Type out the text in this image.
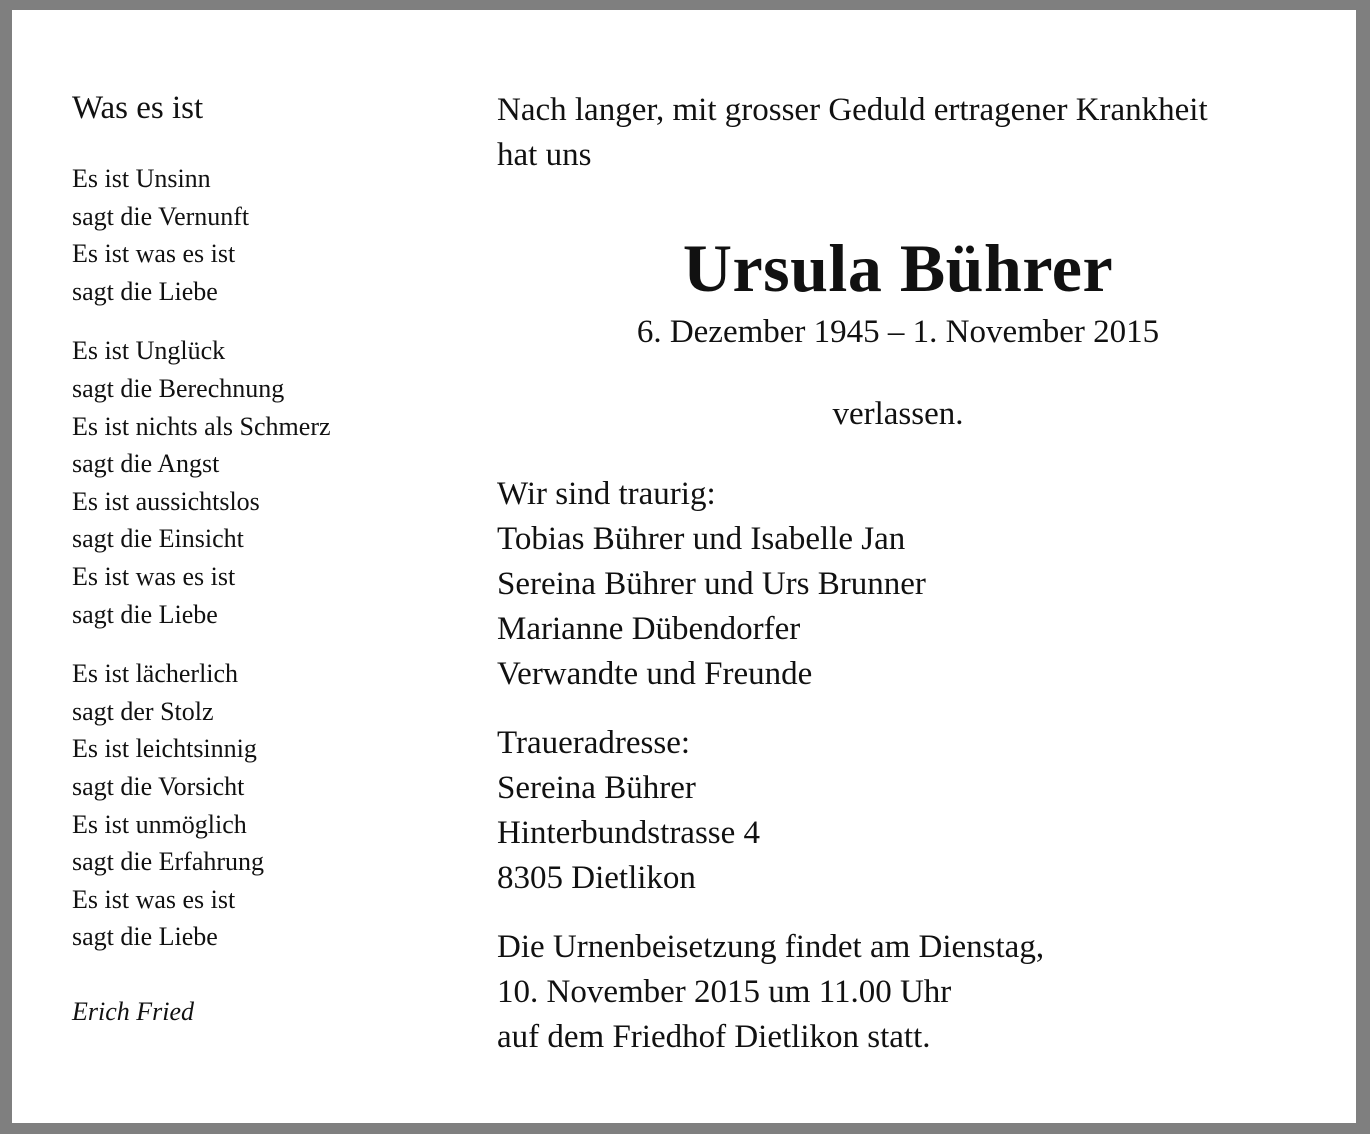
Was es ist
Es ist Unsinn
sagt die Vernunft
Es ist was es ist
sagt die Liebe
Es ist Unglück
sagt die Berechnung
Es ist nichts als Schmerz
sagt die Angst
Es ist aussichtslos
sagt die Einsicht
Es ist was es ist
sagt die Liebe
Es ist lächerlich
sagt der Stolz
Es ist leichtsinnig
sagt die Vorsicht
Es ist unmöglich
sagt die Erfahrung
Es ist was es ist
sagt die Liebe
Erich Fried
Nach langer, mit grosser Geduld ertragener Krankheit
hat uns
Ursula Bührer
6. Dezember 1945 – 1. November 2015
verlassen.
Wir sind traurig:
Tobias Bührer und Isabelle Jan
Sereina Bührer und Urs Brunner
Marianne Dübendorfer
Verwandte und Freunde
Traueradresse:
Sereina Bührer
Hinterbundstrasse 4
8305 Dietlikon
Die Urnenbeisetzung findet am Dienstag,
10. November 2015 um 11.00 Uhr
auf dem Friedhof Dietlikon statt.
